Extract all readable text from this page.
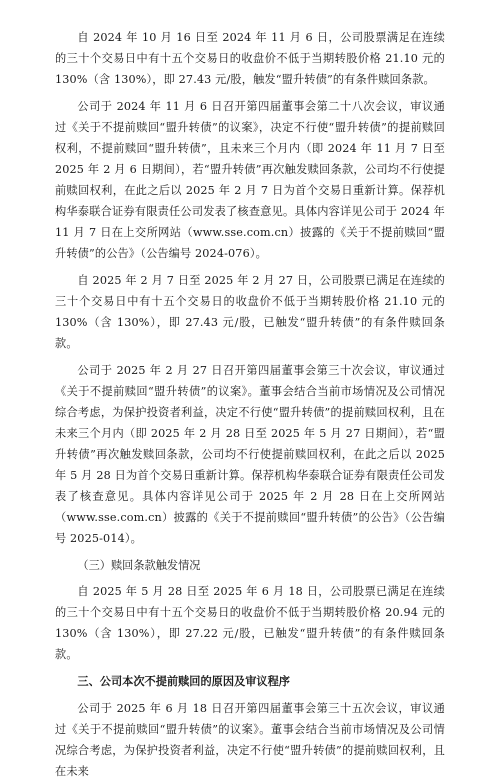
自 2024 年 10 月 16 日至 2024 年 11 月 6 日，公司股票满足在连续的三十个交易日中有十五个交易日的收盘价不低于当期转股价格 21.10 元的 130%（含 130%），即 27.43 元/股，触发“盟升转债”的有条件赎回条款。

公司于 2024 年 11 月 6 日召开第四届董事会第二十八次会议，审议通过《关于不提前赎回“盟升转债”的议案》，决定不行使“盟升转债”的提前赎回权利，不提前赎回“盟升转债”，且未来三个月内（即 2024 年 11 月 7 日至 2025 年 2 月 6 日期间），若“盟升转债”再次触发赎回条款，公司均不行使提前赎回权利，在此之后以 2025 年 2 月 7 日为首个交易日重新计算。保荐机构华泰联合证券有限责任公司发表了核查意见。具体内容详见公司于 2024 年 11 月 7 日在上交所网站（www.sse.com.cn）披露的《关于不提前赎回“盟升转债”的公告》（公告编号 2024-076）。

自 2025 年 2 月 7 日至 2025 年 2 月 27 日，公司股票已满足在连续的三十个交易日中有十五个交易日的收盘价不低于当期转股价格 21.10 元的 130%（含 130%），即 27.43 元/股，已触发“盟升转债”的有条件赎回条款。

公司于 2025 年 2 月 27 日召开第四届董事会第三十次会议，审议通过《关于不提前赎回“盟升转债”的议案》。董事会结合当前市场情况及公司情况综合考虑，为保护投资者利益，决定不行使“盟升转债”的提前赎回权利，且在未来三个月内（即 2025 年 2 月 28 日至 2025 年 5 月 27 日期间），若“盟升转债”再次触发赎回条款，公司均不行使提前赎回权利，在此之后以 2025 年 5 月 28 日为首个交易日重新计算。保荐机构华泰联合证券有限责任公司发表了核查意见。具体内容详见公司于 2025 年 2 月 28 日在上交所网站（www.sse.com.cn）披露的《关于不提前赎回“盟升转债”的公告》（公告编号 2025-014）。

（三）赎回条款触发情况

自 2025 年 5 月 28 日至 2025 年 6 月 18 日，公司股票已满足在连续的三十个交易日中有十五个交易日的收盘价不低于当期转股价格 20.94 元的 130%（含 130%），即 27.22 元/股，已触发“盟升转债”的有条件赎回条款。

三、公司本次不提前赎回的原因及审议程序

公司于 2025 年 6 月 18 日召开第四届董事会第三十五次会议，审议通过《关于不提前赎回“盟升转债”的议案》。董事会结合当前市场情况及公司情况综合考虑，为保护投资者利益，决定不行使“盟升转债”的提前赎回权利，且在未来
